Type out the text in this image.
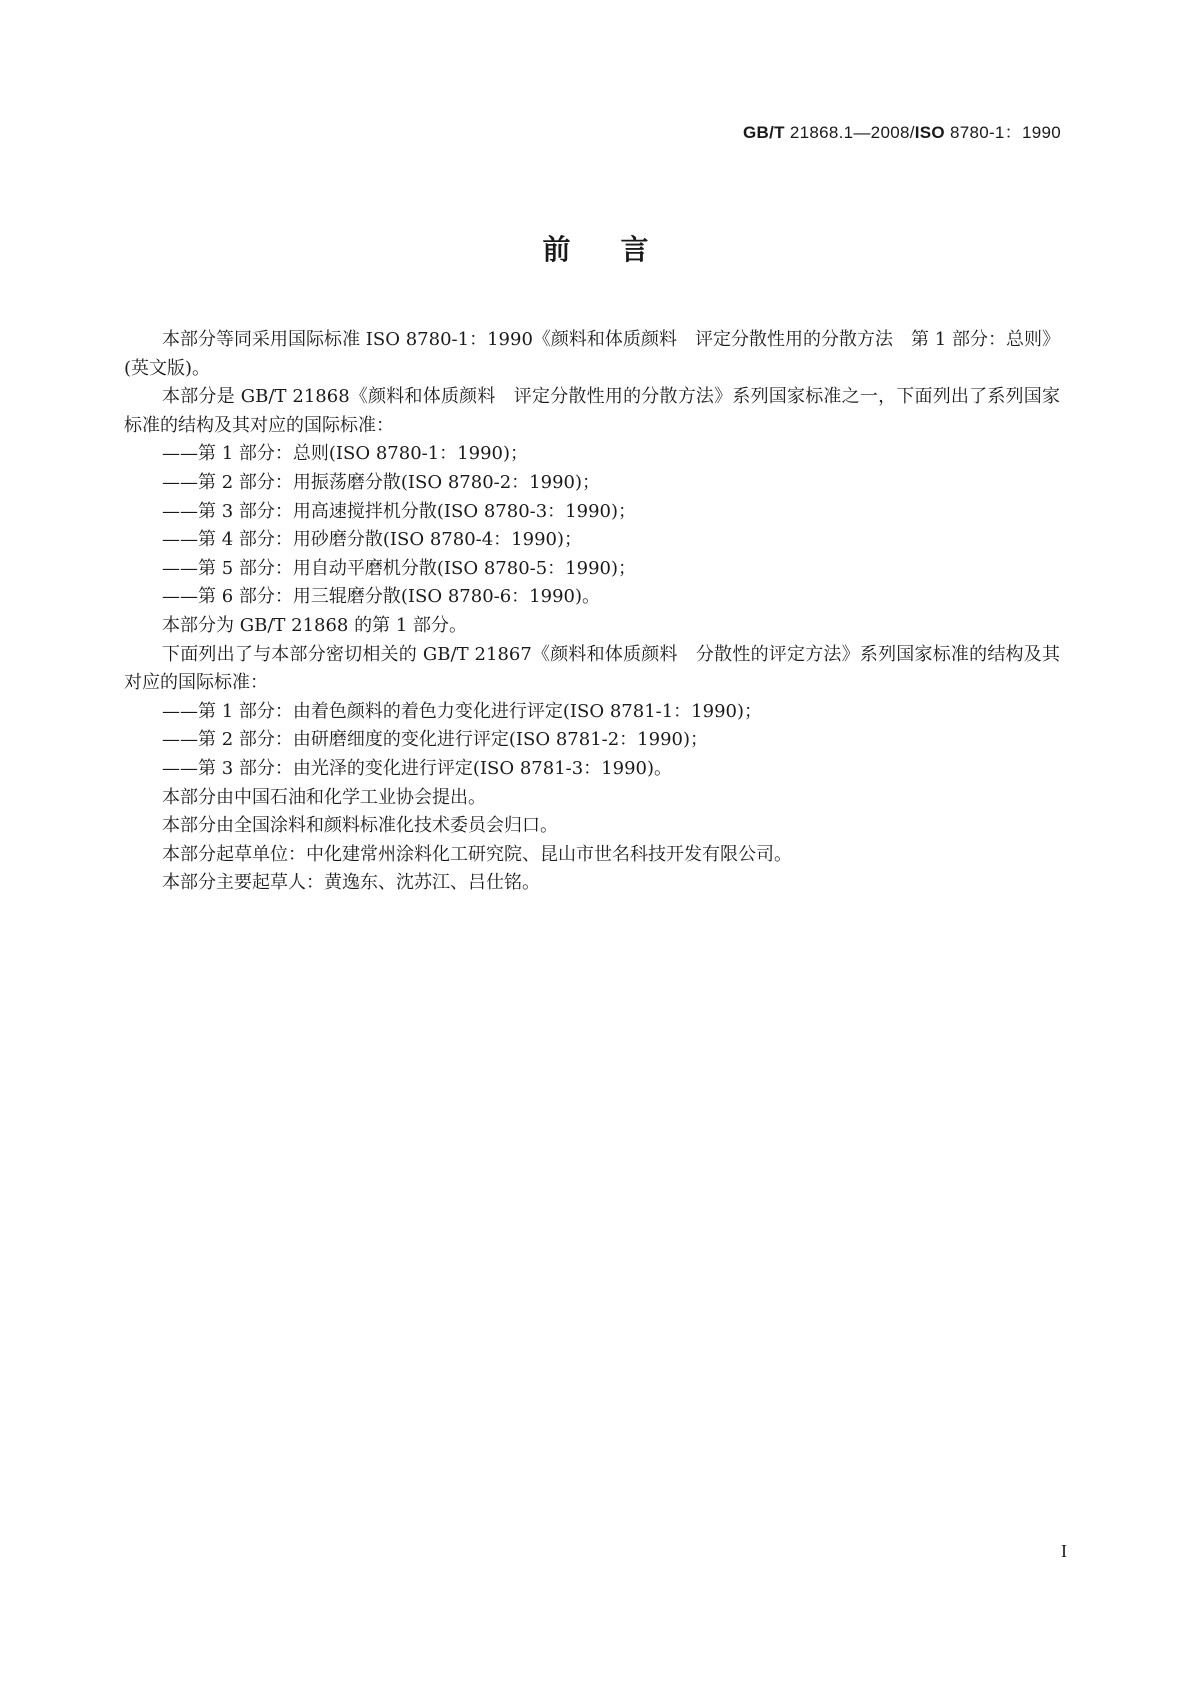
GB/T 21868.1—2008/ISO 8780-1：1990
前言

本部分等同采用国际标准 ISO 8780-1：1990《颜料和体质颜料　评定分散性用的分散方法　第 1 部分：总则》(英文版)。

本部分是 GB/T 21868《颜料和体质颜料　评定分散性用的分散方法》系列国家标准之一，下面列出了系列国家标准的结构及其对应的国际标准：

——第 1 部分：总则(ISO 8780-1：1990)；

——第 2 部分：用振荡磨分散(ISO 8780-2：1990)；

——第 3 部分：用高速搅拌机分散(ISO 8780-3：1990)；

——第 4 部分：用砂磨分散(ISO 8780-4：1990)；

——第 5 部分：用自动平磨机分散(ISO 8780-5：1990)；

——第 6 部分：用三辊磨分散(ISO 8780-6：1990)。

本部分为 GB/T 21868 的第 1 部分。

下面列出了与本部分密切相关的 GB/T 21867《颜料和体质颜料　分散性的评定方法》系列国家标准的结构及其对应的国际标准：

——第 1 部分：由着色颜料的着色力变化进行评定(ISO 8781-1：1990)；

——第 2 部分：由研磨细度的变化进行评定(ISO 8781-2：1990)；

——第 3 部分：由光泽的变化进行评定(ISO 8781-3：1990)。

本部分由中国石油和化学工业协会提出。

本部分由全国涂料和颜料标准化技术委员会归口。

本部分起草单位：中化建常州涂料化工研究院、昆山市世名科技开发有限公司。

本部分主要起草人：黄逸东、沈苏江、吕仕铭。

I
